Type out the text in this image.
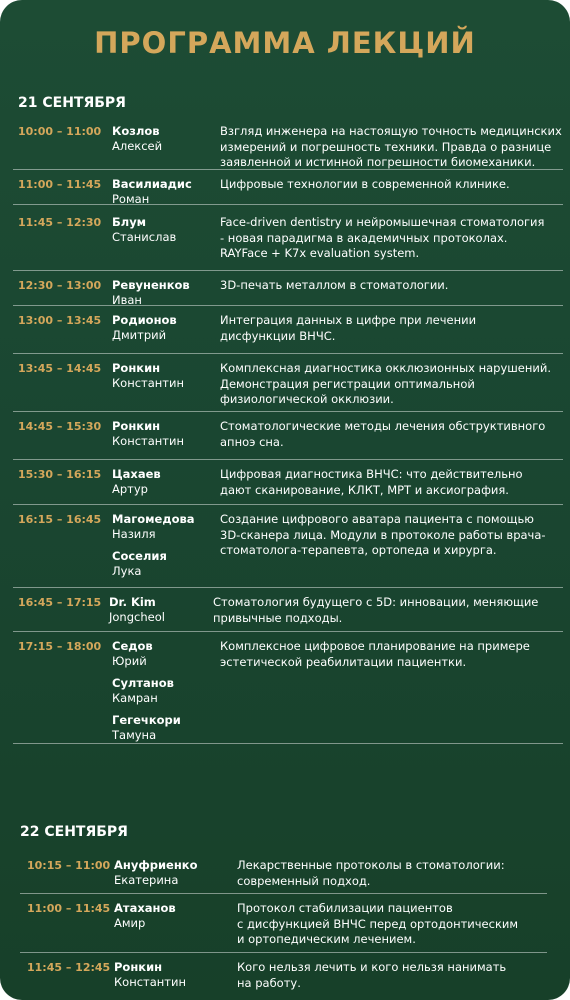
ПРОГРАММА ЛЕКЦИЙ
21 СЕНТЯБРЯ
10:00 – 11:00 Козлов
Алексей
Взгляд инженера на настоящую точность медицинских
измерений и погрешность техники. Правда о разнице
заявленной и истинной погрешности биомеханики.
11:00 – 11:45 Василиадис
Роман
Цифровые технологии в современной клинике.
11:45 – 12:30 Блум
Станислав
Face-driven dentistry и нейромышечная стоматология
- новая парадигма в академичных протоколах.
RAYFace + K7x evaluation system.
12:30 – 13:00 Ревуненков
Иван
3D-печать металлом в стоматологии.
13:00 – 13:45 Родионов
Дмитрий
Интеграция данных в цифре при лечении
дисфункции ВНЧС.
13:45 – 14:45 Ронкин
Константин
Комплексная диагностика окклюзионных нарушений.
Демонстрация регистрации оптимальной
физиологической окклюзии.
14:45 – 15:30 Ронкин
Константин
Стоматологические методы лечения обструктивного
апноэ сна.
15:30 – 16:15 Цахаев
Артур
Цифровая диагностика ВНЧС: что действительно
дают сканирование, КЛКТ, МРТ и аксиография.
16:15 – 16:45 Магомедова
Назиля
Соселия
Лука
Создание цифрового аватара пациента с помощью
3D-сканера лица. Модули в протоколе работы врача-
стоматолога-терапевта, ортопеда и хирурга.
16:45 – 17:15 Dr. Kim
Jongcheol
Стоматология будущего с 5D: инновации, меняющие
привычные подходы.
17:15 – 18:00 Седов
Юрий
Султанов
Камран
Гегечкори
Тамуна
Комплексное цифровое планирование на примере
эстетической реабилитации пациентки.
22 СЕНТЯБРЯ
10:15 – 11:00 Ануфриенко
Екатерина
Лекарственные протоколы в стоматологии:
современный подход.
11:00 – 11:45 Атаханов
Амир
Протокол стабилизации пациентов
с дисфункцией ВНЧС перед ортодонтическим
и ортопедическим лечением.
11:45 – 12:45 Ронкин
Константин
Кого нельзя лечить и кого нельзя нанимать
на работу.
